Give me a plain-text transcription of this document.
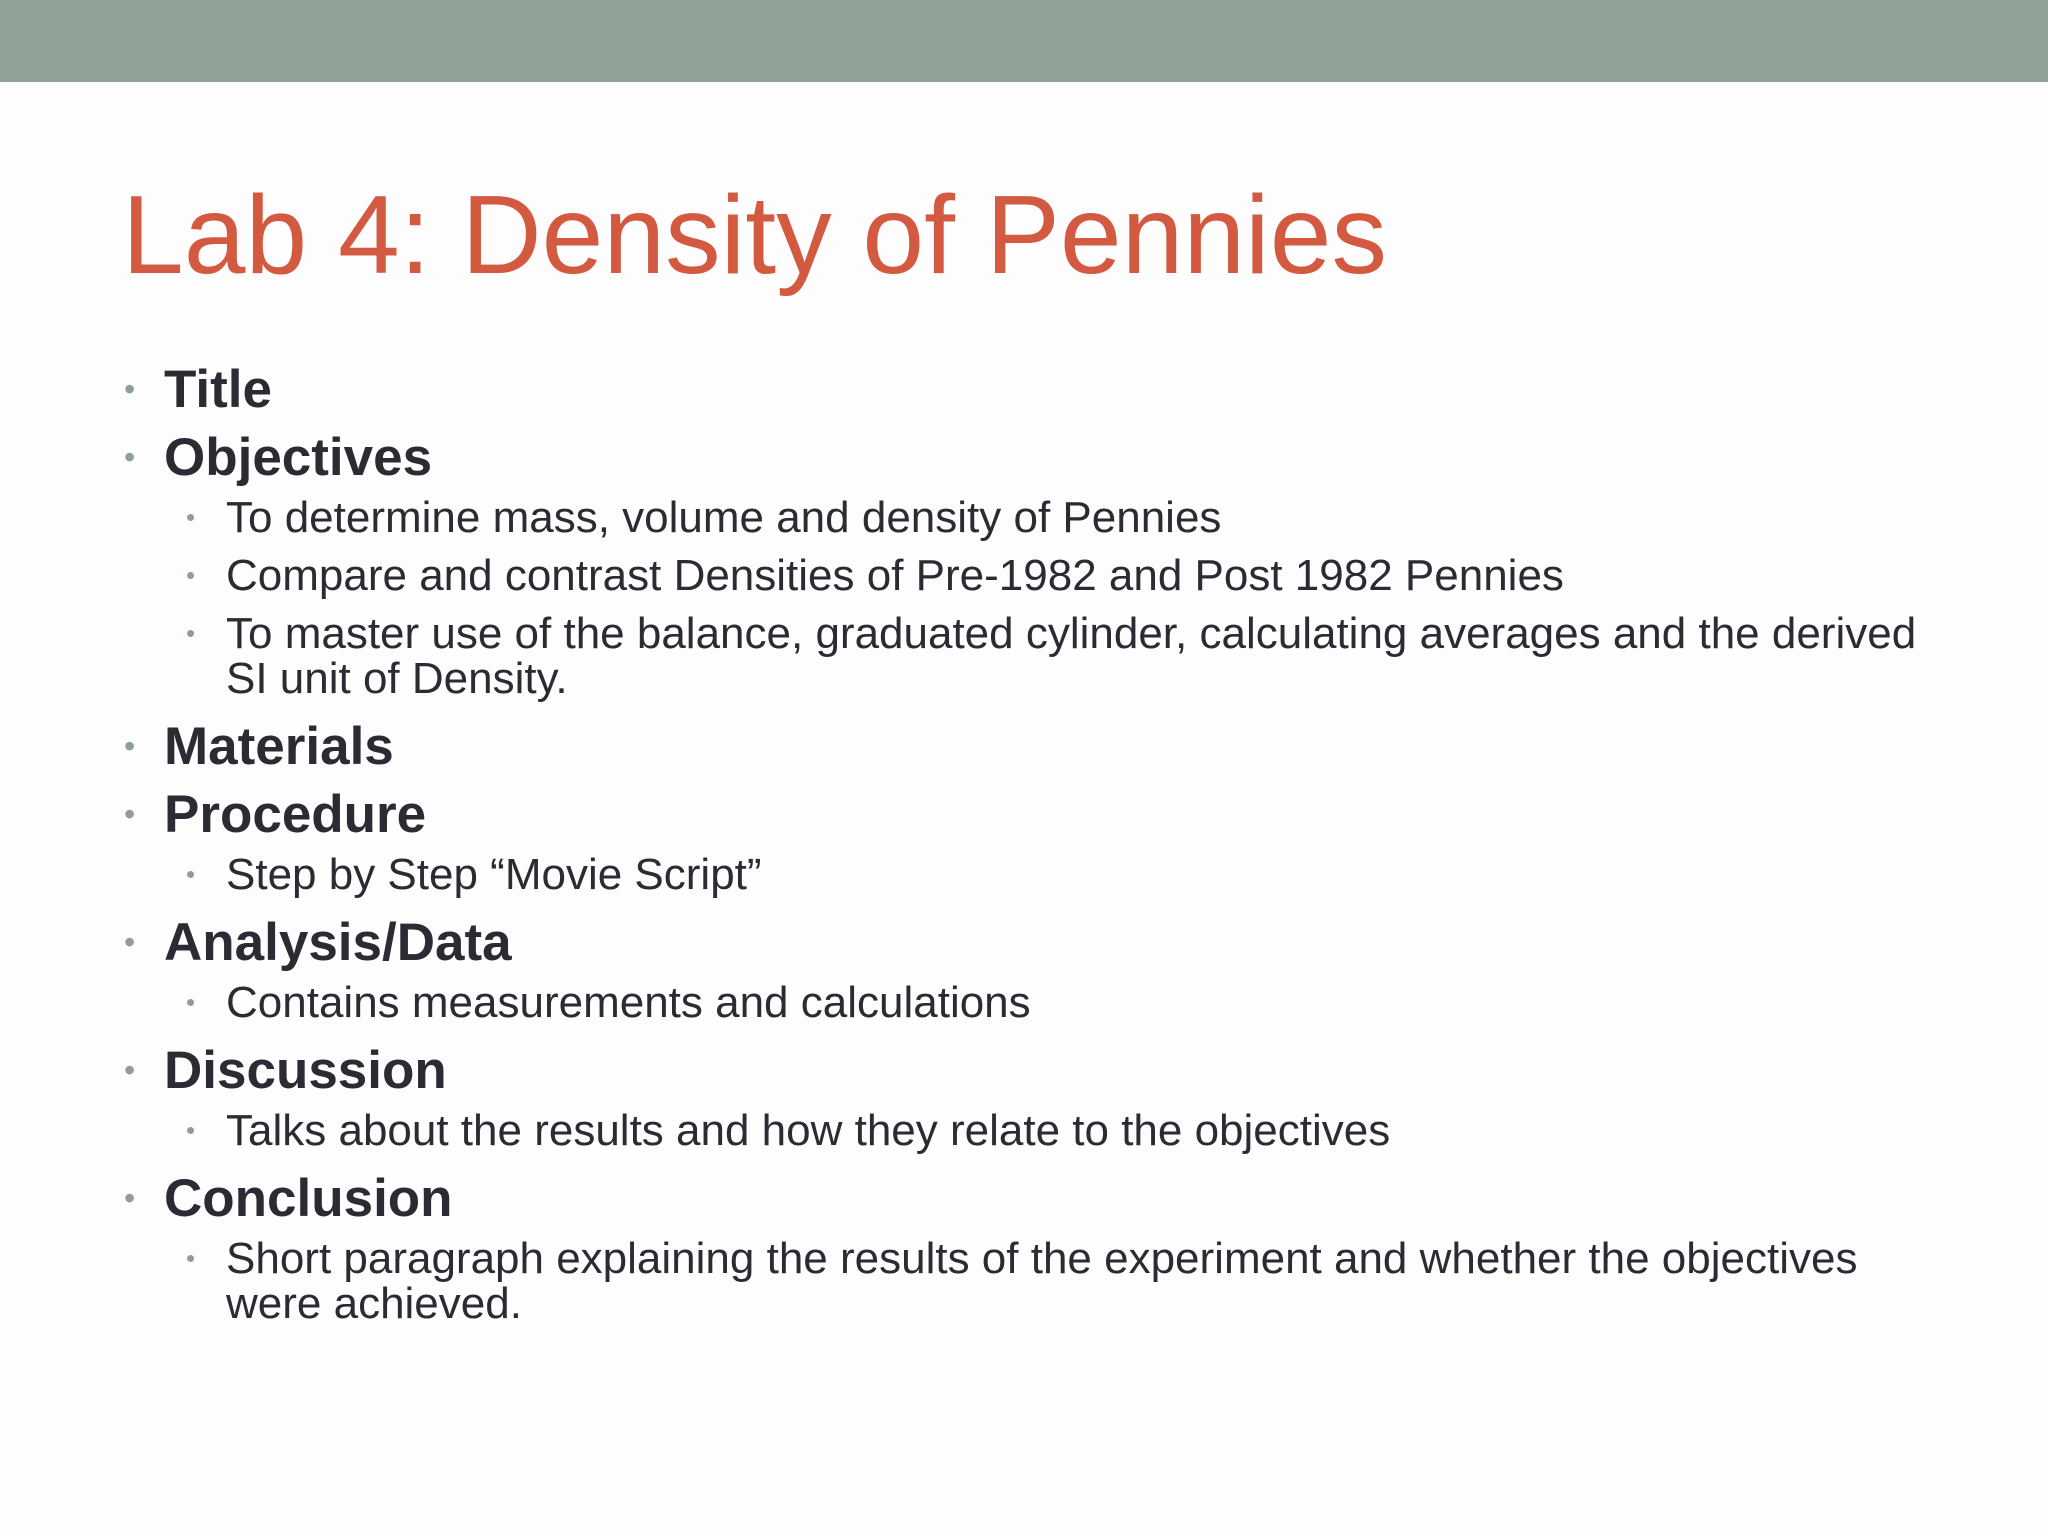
Lab 4: Density of Pennies
• Title
• Objectives
• To determine mass, volume and density of Pennies
• Compare and contrast Densities of Pre-1982 and Post 1982 Pennies
• To master use of the balance, graduated cylinder, calculating averages and the derived SI unit of Density.
• Materials
• Procedure
• Step by Step “Movie Script”
• Analysis/Data
• Contains measurements and calculations
• Discussion
• Talks about the results and how they relate to the objectives
• Conclusion
• Short paragraph explaining the results of the experiment and whether the objectives were achieved.
